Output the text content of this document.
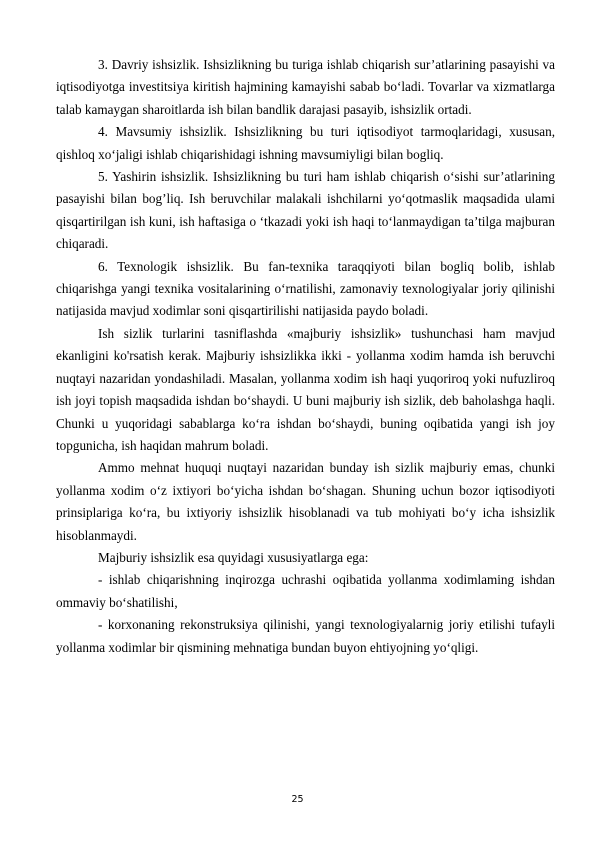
3. Davriy ishsizlik. Ishsizlikning bu turiga ishlab chiqarish sur’atlarining pasayishi va iqtisodiyotga investitsiya kiritish hajmining kamayishi sabab bo‘ladi. Tovarlar va xizmatlarga talab kamaygan sharoitlarda ish bilan bandlik darajasi pasayib, ishsizlik ortadi.

4. Mavsumiy ishsizlik. Ishsizlikning bu turi iqtisodiyot tarmoqlaridagi, xususan, qishloq xo‘jaligi ishlab chiqarishidagi ishning mavsumiyligi bilan bogliq.

5. Yashirin ishsizlik. Ishsizlikning bu turi ham ishlab chiqarish o‘sishi sur’atlarining pasayishi bilan bog’liq. Ish beruvchilar malakali ishchilarni yo‘qotmaslik maqsadida ulami qisqartirilgan ish kuni, ish haftasiga o ‘tkazadi yoki ish haqi to‘lanmaydigan ta’tilga majburan chiqaradi.

6. Texnologik ishsizlik. Bu fan-texnika taraqqiyoti bilan bogliq bolib, ishlab chiqarishga yangi texnika vositalarining o‘rnatilishi, zamonaviy texnologiyalar joriy qilinishi natijasida mavjud xodimlar soni qisqartirilishi natijasida paydo boladi.

Ish sizlik turlarini tasniflashda «majburiy ishsizlik» tushunchasi ham mavjud ekanligini ko'rsatish kerak. Majburiy ishsizlikka ikki - yollanma xodim hamda ish beruvchi nuqtayi nazaridan yondashiladi. Masalan, yollanma xodim ish haqi yuqoriroq yoki nufuzliroq ish joyi topish maqsadida ishdan bo‘shaydi. U buni majburiy ish sizlik, deb baholashga haqli. Chunki u yuqoridagi sabablarga ko‘ra ishdan bo‘shaydi, buning oqibatida yangi ish joy topgunicha, ish haqidan mahrum boladi.

Ammo mehnat huquqi nuqtayi nazaridan bunday ish sizlik majburiy emas, chunki yollanma xodim o‘z ixtiyori bo‘yicha ishdan bo‘shagan. Shuning uchun bozor iqtisodiyoti prinsiplariga ko‘ra, bu ixtiyoriy ishsizlik hisoblanadi va tub mohiyati bo‘y icha ishsizlik hisoblanmaydi.

Majburiy ishsizlik esa quyidagi xususiyatlarga ega:

- ishlab chiqarishning inqirozga uchrashi oqibatida yollanma xodimlaming ishdan ommaviy bo‘shatilishi,

- korxonaning rekonstruksiya qilinishi, yangi texnologiyalarnig joriy etilishi tufayli yollanma xodimlar bir qismining mehnatiga bundan buyon ehtiyojning yo‘qligi.

25
